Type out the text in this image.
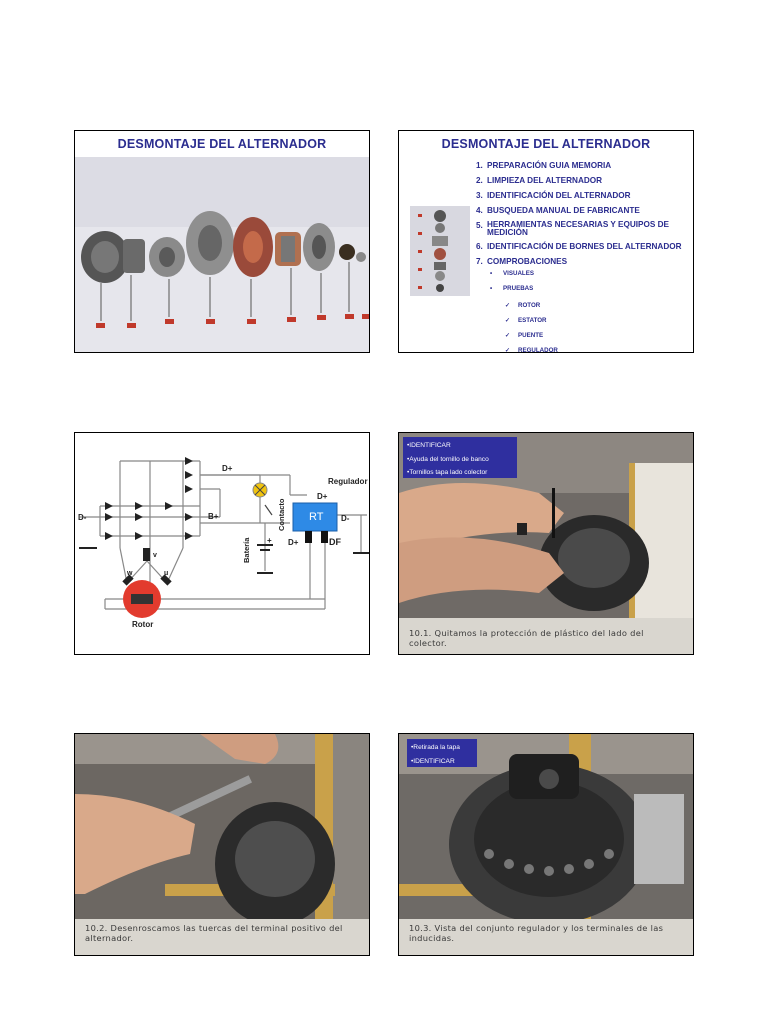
DESMONTAJE DEL ALTERNADOR	DESMONTAJE DEL ALTERNADOR
1. PREPARACIÓN GUIA MEMORIA
2. LIMPIEZA DEL ALTERNADOR
3. IDENTIFICACIÓN DEL ALTERNADOR
4. BUSQUEDA MANUAL DE FABRICANTE
5. HERRAMIENTAS NECESARIAS Y EQUIPOS DE MEDICIÓN
6. IDENTIFICACIÓN DE BORNES DEL ALTERNADOR
7. COMPROBACIONES
•	VISUALES
•	PRUEBAS
✓	ROTOR
✓	ESTATOR
✓	PUENTE
✓	REGULADOR
D+
Regulador
D+
D-	B+	RT D-
D+	DF
Contacto
Batería +
w
v
u
Rotor
•IDENTIFICAR
•Ayuda del tornillo de banco
•Tornillos tapa lado colector
10.1. Quitamos la protección de plástico del lado del colector.
10.2. Desenroscamos las tuercas del terminal positivo del alternador.
•Retirada la tapa
•IDENTIFICAR
10.3. Vista del conjunto regulador y los terminales de las inducidas.
